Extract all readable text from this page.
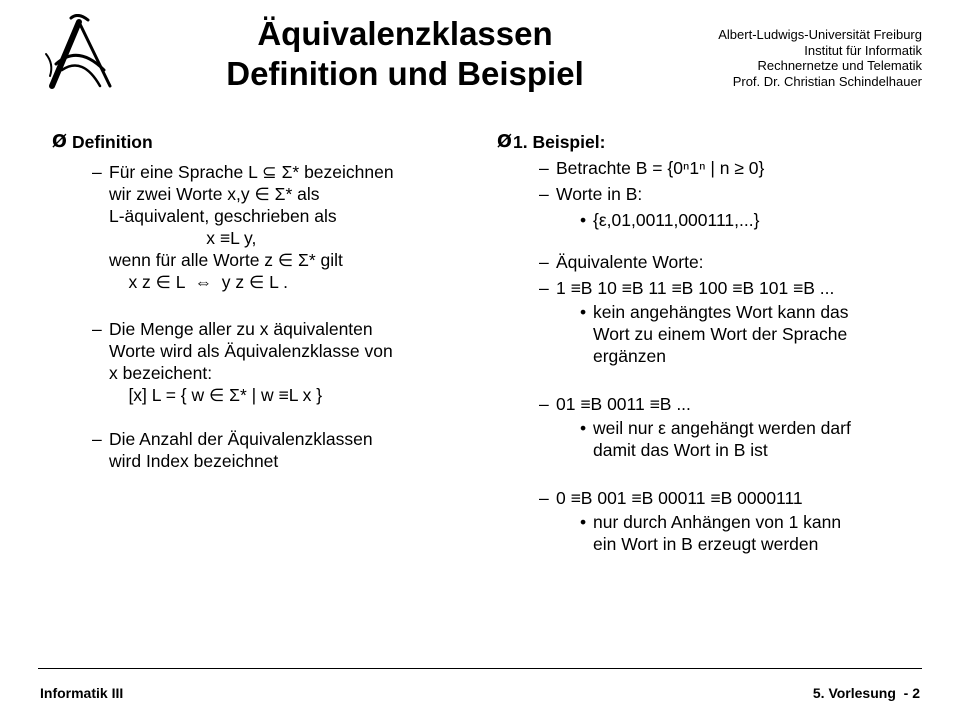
Äquivalenzklassen
Definition und Beispiel
Albert-Ludwigs-Universität Freiburg
Institut für Informatik
Rechnernetze und Telematik
Prof. Dr. Christian Schindelhauer
Ø Definition
– Für eine Sprache L ⊆ Σ* bezeichnen
wir zwei Worte x,y ∈ Σ* als
L-äquivalent, geschrieben als
x ≡L y,
wenn für alle Worte z ∈ Σ* gilt
x z ∈ L  ⇔  y z ∈ L .
– Die Menge aller zu x äquivalenten
Worte wird als Äquivalenzklasse von
x bezeichent:
[x] L = { w ∈ Σ* | w ≡L x }
– Die Anzahl der Äquivalenzklassen
wird Index bezeichnet
Ø 1. Beispiel:
– Betrachte B = {0ⁿ1ⁿ | n ≥ 0}
– Worte in B:
• {ε,01,0011,000111,...}
– Äquivalente Worte:
– 1 ≡B 10 ≡B 11 ≡B 100 ≡B 101 ≡B ...
• kein angehängtes Wort kann das
Wort zu einem Wort der Sprache
ergänzen
– 01 ≡B 0011 ≡B ...
• weil nur ε angehängt werden darf
damit das Wort in B ist
– 0 ≡B 001 ≡B 00011 ≡B 0000111
• nur durch Anhängen von 1 kann
ein Wort in B erzeugt werden
Informatik III	5. Vorlesung  - 2
